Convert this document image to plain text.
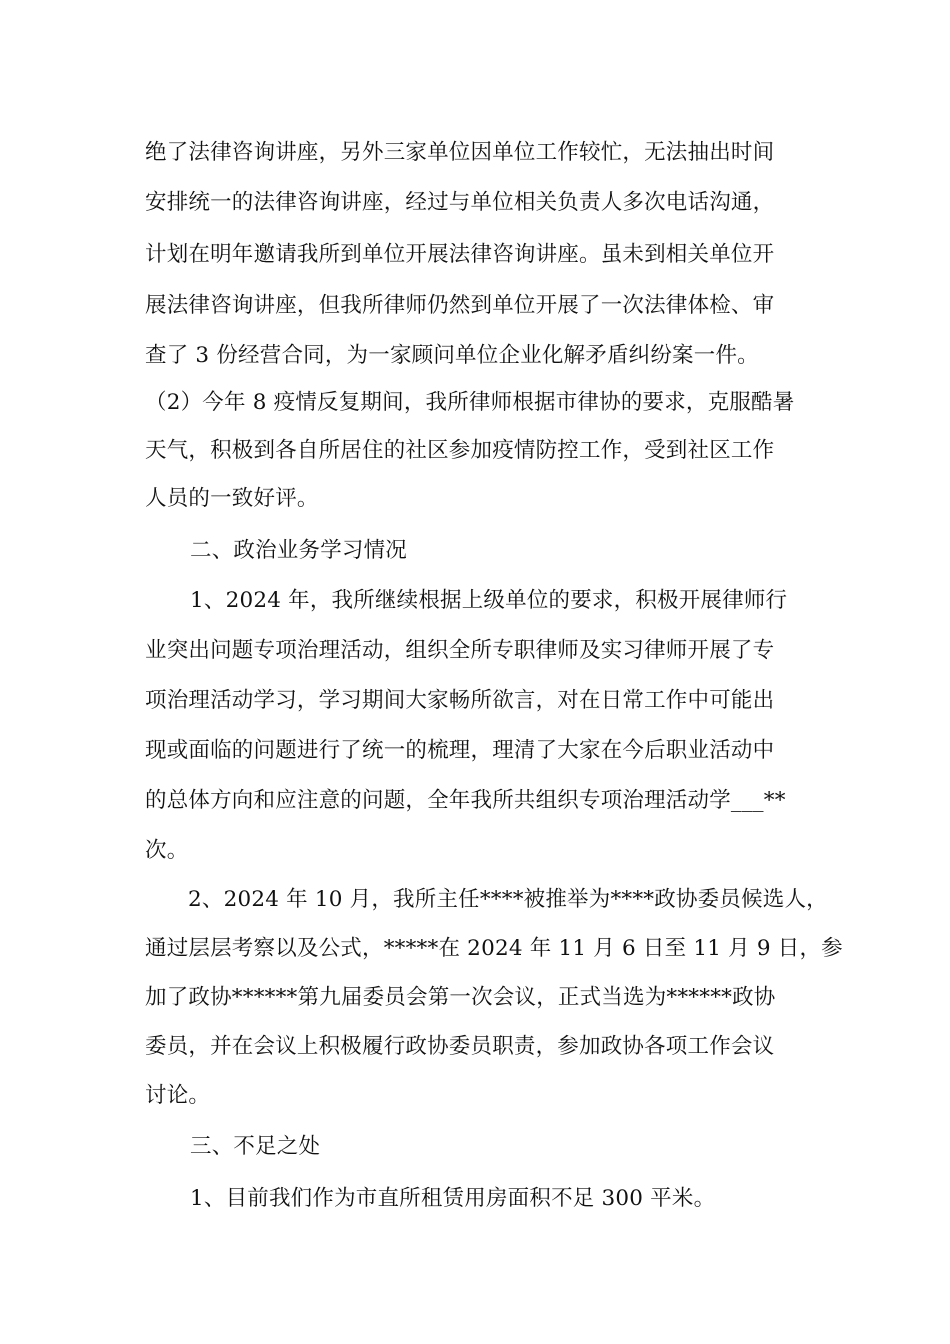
绝了法律咨询讲座，另外三家单位因单位工作较忙，无法抽出时间
安排统一的法律咨询讲座，经过与单位相关负责人多次电话沟通，
计划在明年邀请我所到单位开展法律咨询讲座。虽未到相关单位开
展法律咨询讲座，但我所律师仍然到单位开展了一次法律体检、审
查了 3 份经营合同，为一家顾问单位企业化解矛盾纠纷案一件。
（2）今年 8 疫情反复期间，我所律师根据市律协的要求，克服酷暑
天气，积极到各自所居住的社区参加疫情防控工作，受到社区工作
人员的一致好评。
二、政治业务学习情况
1、2024 年，我所继续根据上级单位的要求，积极开展律师行
业突出问题专项治理活动，组织全所专职律师及实习律师开展了专
项治理活动学习，学习期间大家畅所欲言，对在日常工作中可能出
现或面临的问题进行了统一的梳理，理清了大家在今后职业活动中
的总体方向和应注意的问题，全年我所共组织专项治理活动学___**
次。
2、2024 年 10 月，我所主任****被推举为****政协委员候选人，
通过层层考察以及公式，*****在 2024 年 11 月 6 日至 11 月 9 日，参
加了政协******第九届委员会第一次会议，正式当选为******政协
委员，并在会议上积极履行政协委员职责，参加政协各项工作会议
讨论。
三、不足之处
1、目前我们作为市直所租赁用房面积不足 300 平米。
